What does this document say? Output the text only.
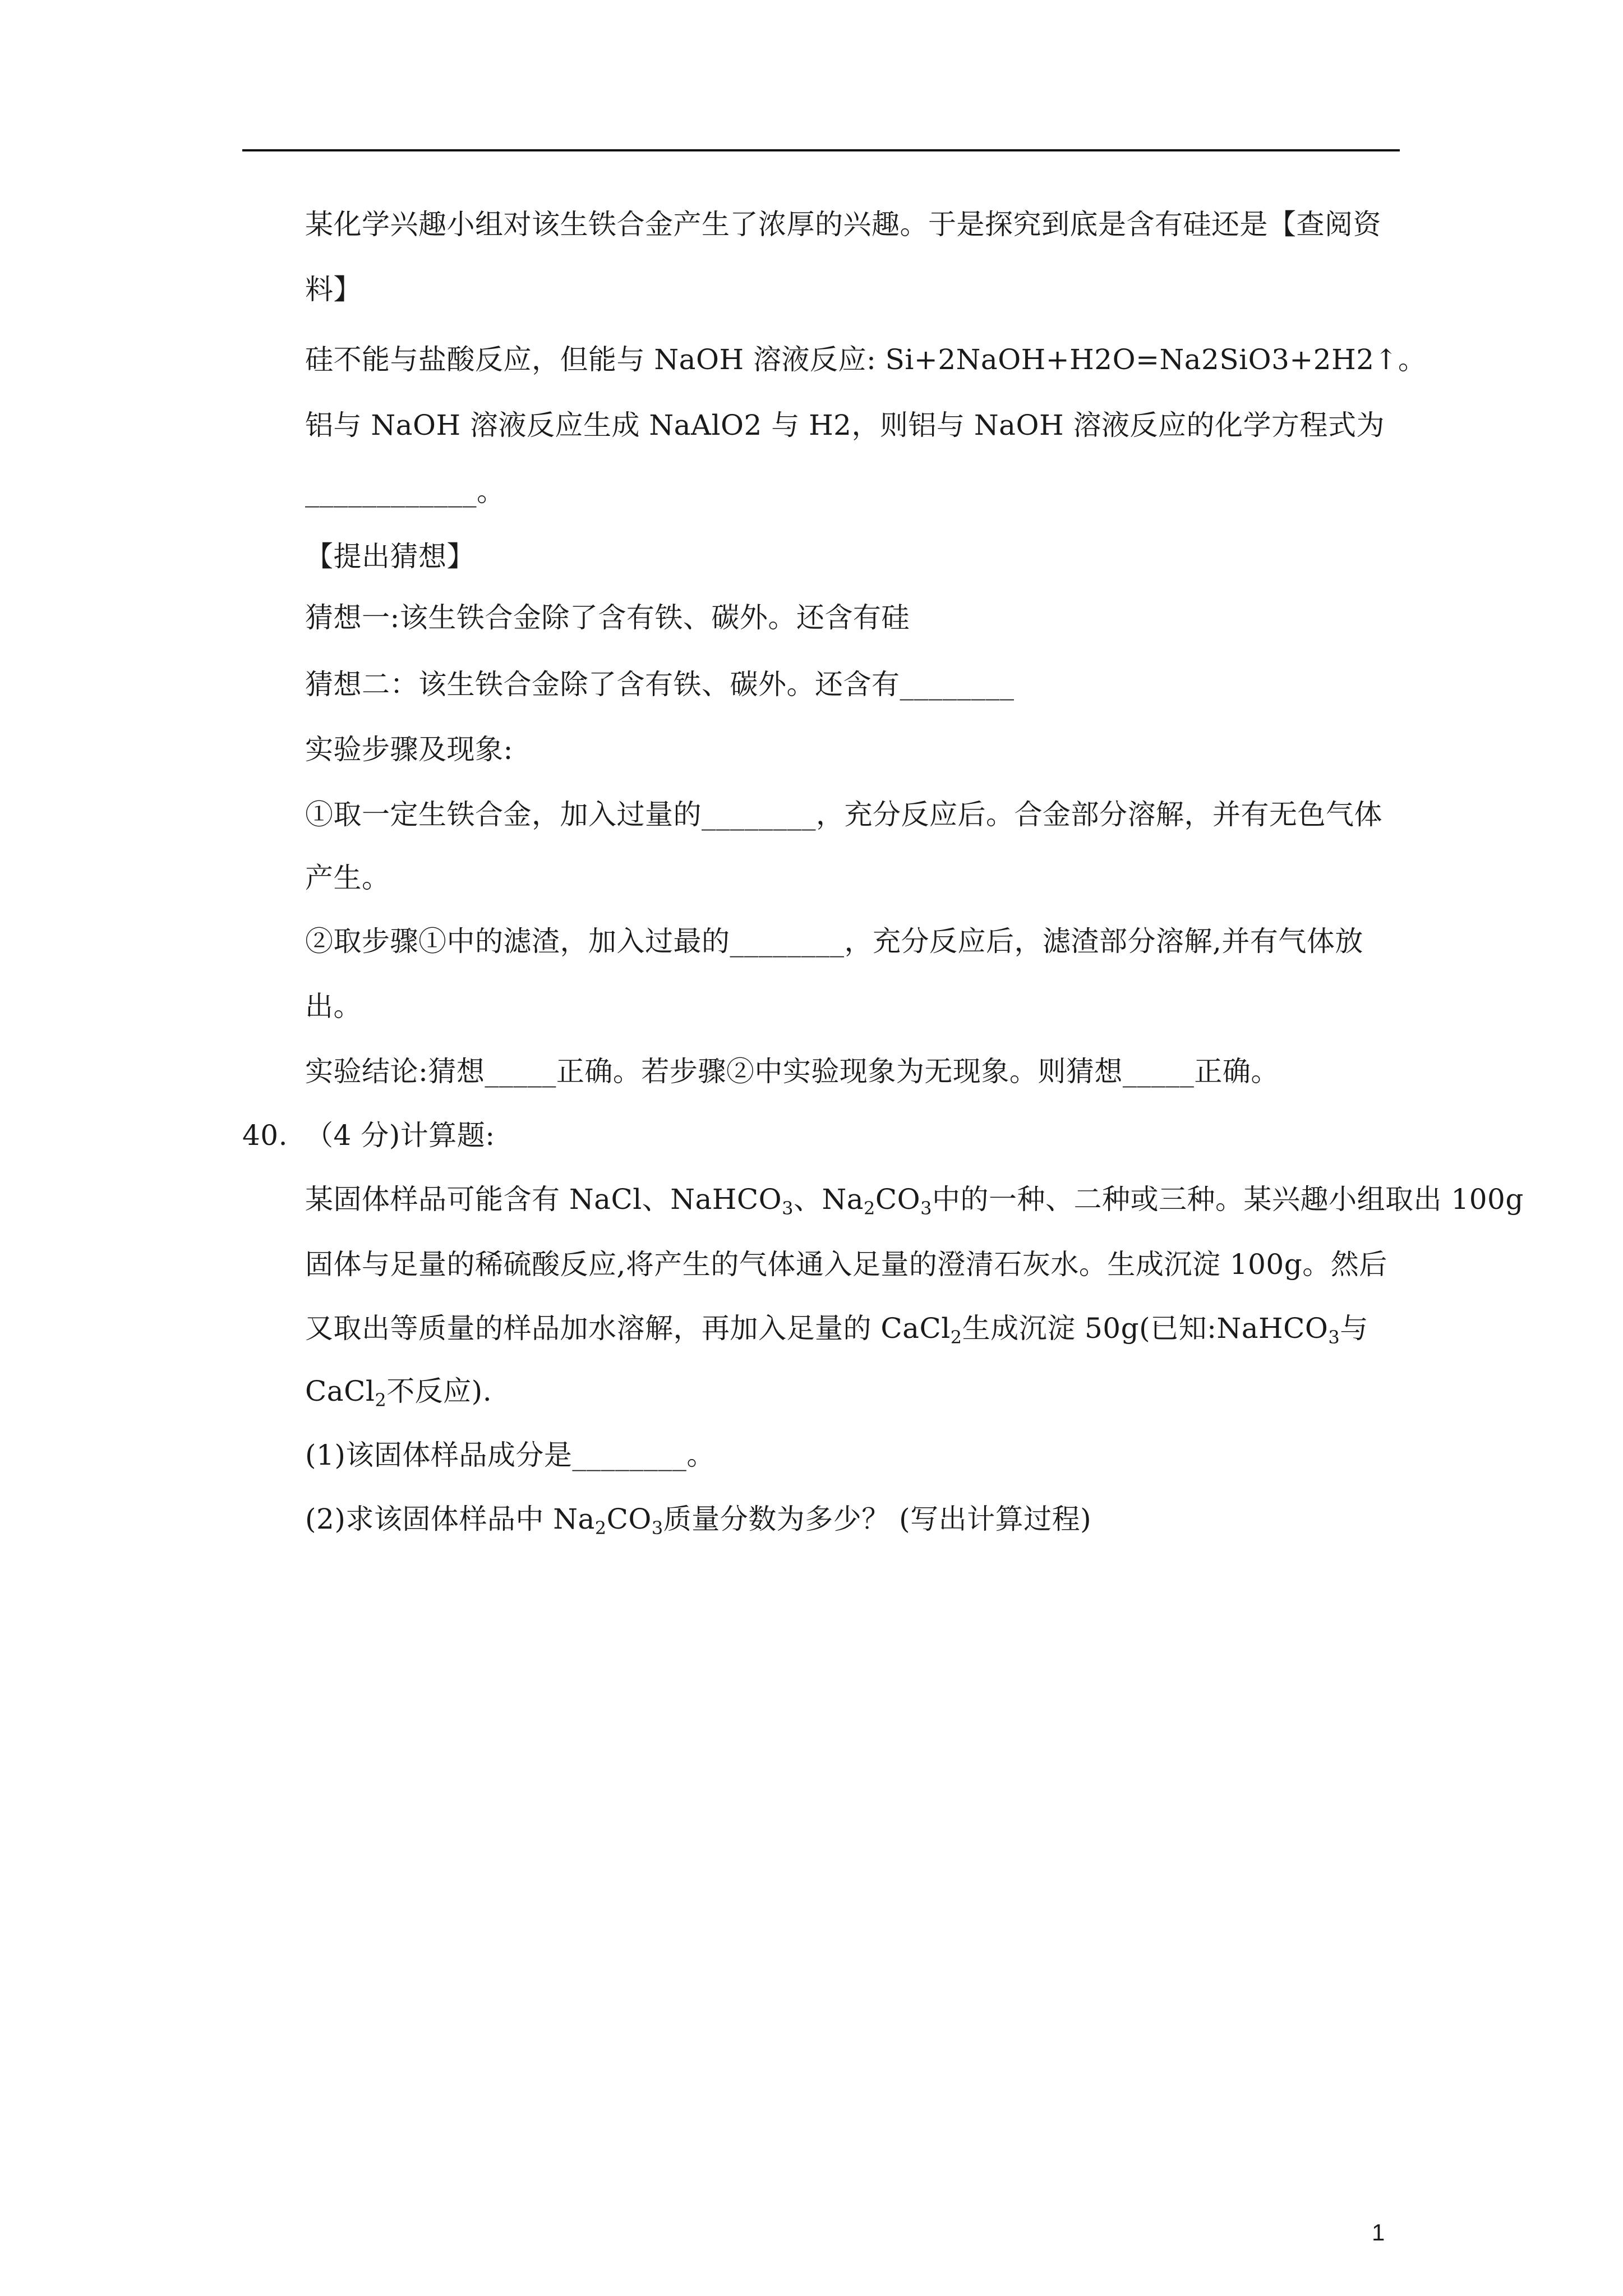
某化学兴趣小组对该生铁合金产生了浓厚的兴趣。于是探究到底是含有硅还是【查阅资
料】
硅不能与盐酸反应，但能与 NaOH 溶液反应: Si+2NaOH+H2O=Na2SiO3+2H2↑。
铝与 NaOH 溶液反应生成 NaAlO2 与 H2，则铝与 NaOH 溶液反应的化学方程式为
____________。
【提出猜想】
猜想一:该生铁合金除了含有铁、碳外。还含有硅
猜想二：该生铁合金除了含有铁、碳外。还含有________
实验步骤及现象:
①取一定生铁合金，加入过量的________，充分反应后。合金部分溶解，并有无色气体
产生。
②取步骤①中的滤渣，加入过最的________，充分反应后，滤渣部分溶解,并有气体放
出。
实验结论:猜想_____正确。若步骤②中实验现象为无现象。则猜想_____正确。
40. （4 分)计算题:
某固体样品可能含有 NaCl、NaHCO$_3$、$Na_2CO_3$中的一种、二种或三种。某兴趣小组取出 100g
固体与足量的稀硫酸反应,将产生的气体通入足量的澄清石灰水。生成沉淀 100g。然后
又取出等质量的样品加水溶解，再加入足量的 CaCl$_2$生成沉淀 50g(已知:NaHCO$_3$与
CaCl$_2$不反应).
(1)该固体样品成分是________。
(2)求该固体样品中 $Na_2CO_3$质量分数为多少？ (写出计算过程)
1
